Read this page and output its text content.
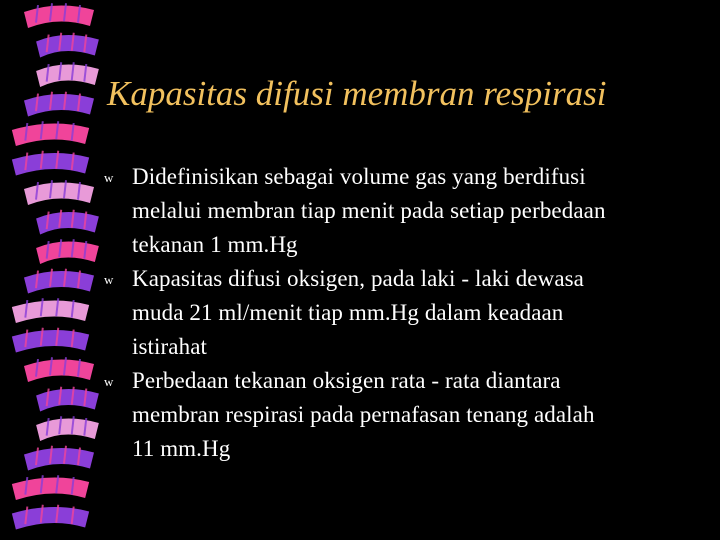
Kapasitas difusi membran respirasi
w Didefinisikan sebagai volume gas yang berdifusi
melalui membran tiap menit pada setiap perbedaan
tekanan 1 mm.Hg
w Kapasitas difusi oksigen, pada laki - laki dewasa
muda 21 ml/menit tiap mm.Hg dalam keadaan
istirahat
w Perbedaan tekanan oksigen rata - rata diantara
membran respirasi pada pernafasan tenang adalah
11 mm.Hg
